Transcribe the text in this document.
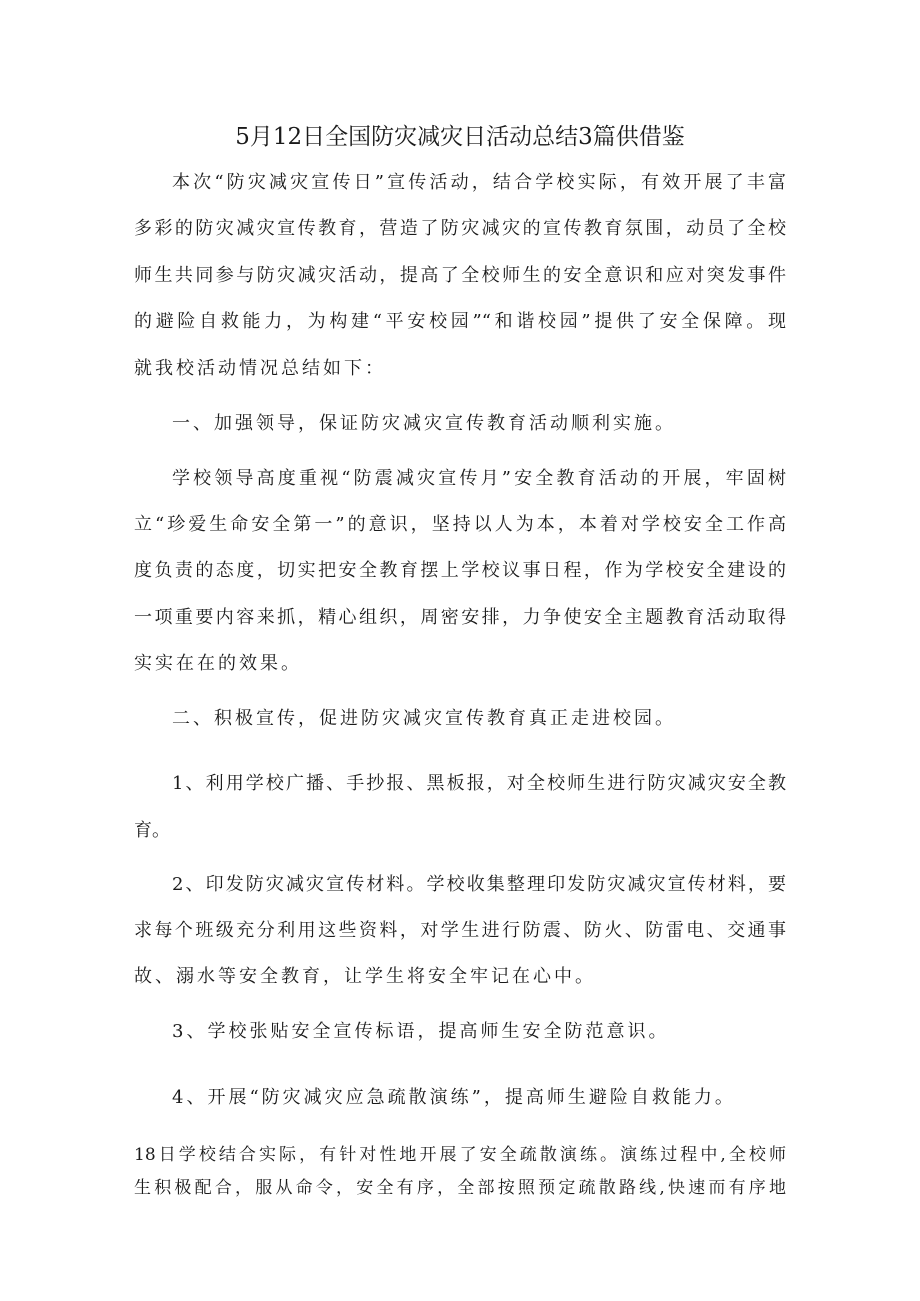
5月12日全国防灾减灾日活动总结3篇供借鉴
本次“防灾减灾宣传日”宣传活动，结合学校实际，有效开展了丰富
多彩的防灾减灾宣传教育，营造了防灾减灾的宣传教育氛围，动员了全校
师生共同参与防灾减灾活动，提高了全校师生的安全意识和应对突发事件
的避险自救能力，为构建“平安校园”“和谐校园”提供了安全保障。现
就我校活动情况总结如下：
一、加强领导，保证防灾减灾宣传教育活动顺利实施。
学校领导高度重视“防震减灾宣传月”安全教育活动的开展，牢固树
立“珍爱生命安全第一”的意识，坚持以人为本，本着对学校安全工作高
度负责的态度，切实把安全教育摆上学校议事日程，作为学校安全建设的
一项重要内容来抓，精心组织，周密安排，力争使安全主题教育活动取得
实实在在的效果。
二、积极宣传，促进防灾减灾宣传教育真正走进校园。
1、利用学校广播、手抄报、黑板报，对全校师生进行防灾减灾安全教
育。
2、印发防灾减灾宣传材料。学校收集整理印发防灾减灾宣传材料，要
求每个班级充分利用这些资料，对学生进行防震、防火、防雷电、交通事
故、溺水等安全教育，让学生将安全牢记在心中。
3、学校张贴安全宣传标语，提高师生安全防范意识。
4、开展“防灾减灾应急疏散演练”，提高师生避险自救能力。
18日学校结合实际，有针对性地开展了安全疏散演练。演练过程中,全校师
生积极配合，服从命令，安全有序，全部按照预定疏散路线,快速而有序地
